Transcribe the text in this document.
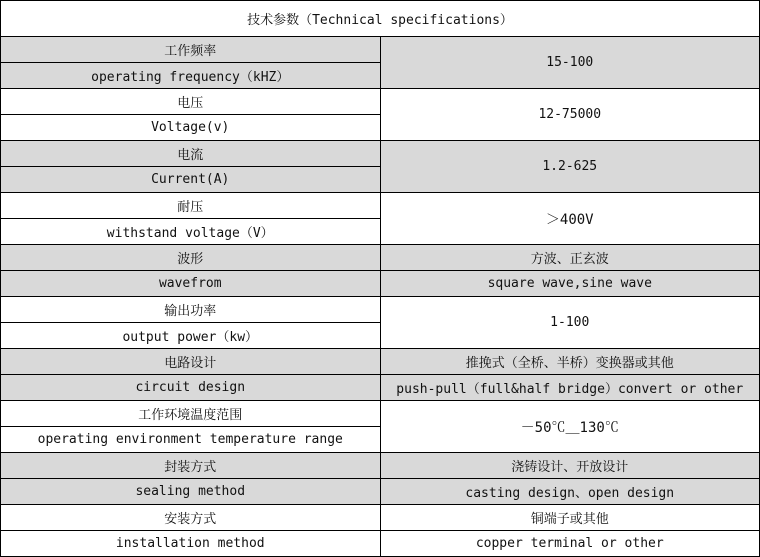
技术参数（Technical specifications）	
工作频率	15-100
operating frequency（kHZ）	
电压	12-75000
Voltage(v)	
电流	1.2-625
Current(A)	
耐压	＞400V
withstand voltage（V）	
波形	方波、正玄波
wavefrom	square wave,sine wave
输出功率	1-100
output power（kw）	
电路设计	推挽式（全桥、半桥）变换器或其他
circuit design	push-pull（full&half bridge）convert or other
工作环境温度范围	－50℃＿130℃
operating environment temperature range	
封装方式	浇铸设计、开放设计
sealing method	casting design、open design
安装方式	铜端子或其他
installation method	copper terminal or other
